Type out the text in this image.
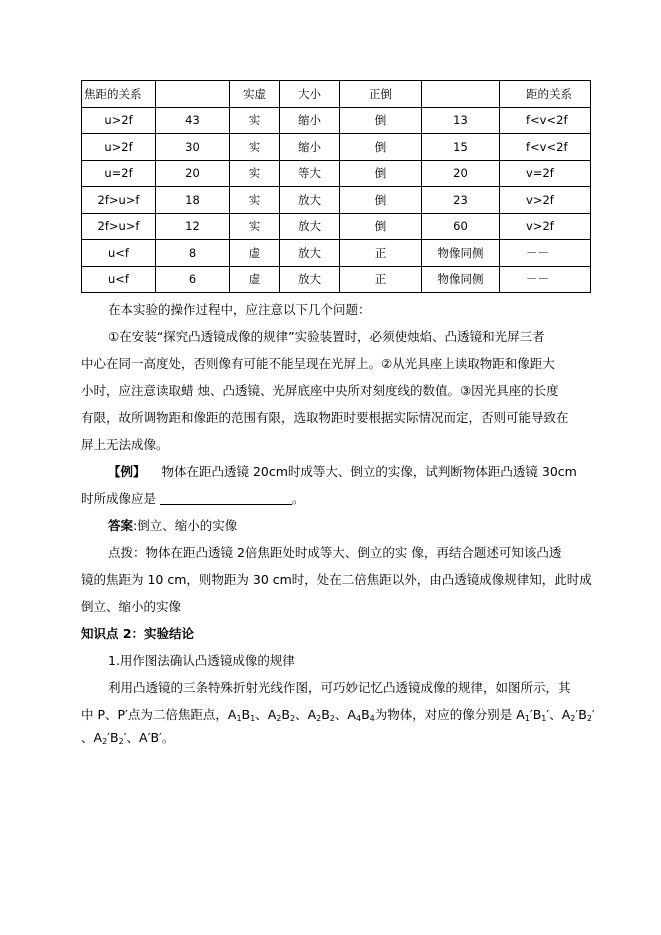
焦距的关系		实虚	大小	正倒		距的关系
u>2f	43	实	缩小	倒	13	f<v<2f
u>2f	30	实	缩小	倒	15	f<v<2f
u=2f	20	实	等大	倒	20	v=2f
2f>u>f	18	实	放大	倒	23	v>2f
2f>u>f	12	实	放大	倒	60	v>2f
u<f	8	虚	放大	正	物像同侧	－－
u<f	6	虚	放大	正	物像同侧	－－
在本实验的操作过程中，应注意以下几个问题：
①在安装“探究凸透镜成像的规律”实验装置时，必须使烛焰、凸透镜和光屏三者
中心在同一高度处，否则像有可能不能呈现在光屏上。②从光具座上读取物距和像距大
小时，应注意读取蜡 烛、凸透镜、光屏底座中央所对刻度线的数值。③因光具座的长度
有限，故所调物距和像距的范围有限，选取物距时要根据实际情况而定，否则可能导致在
屏上无法成像。
【例】 物体在距凸透镜 20cm时成等大、倒立的实像，试判断物体距凸透镜 30cm
时所成像应是	。
答案:倒立、缩小的实像
点拨：物体在距凸透镜 2倍焦距处时成等大、倒立的实 像，再结合题述可知该凸透
镜的焦距为 10 cm，则物距为 30 cm时，处在二倍焦距以外，由凸透镜成像规律知，此时成
倒立、缩小的实像
知识点 2：实验结论
1.用作图法确认凸透镜成像的规律
利用凸透镜的三条特殊折射光线作图，可巧妙记忆凸透镜成像的规律，如图所示，其
中 P、P′点为二倍焦距点，$A_1B_1$、$A_2B_2$、$A_2B_2$、$A_4B_4$为物体，对应的像分别是 $A_1'B_1'$、$A_2'B_2'$
、$A_2'B_2'$、A′B′。
